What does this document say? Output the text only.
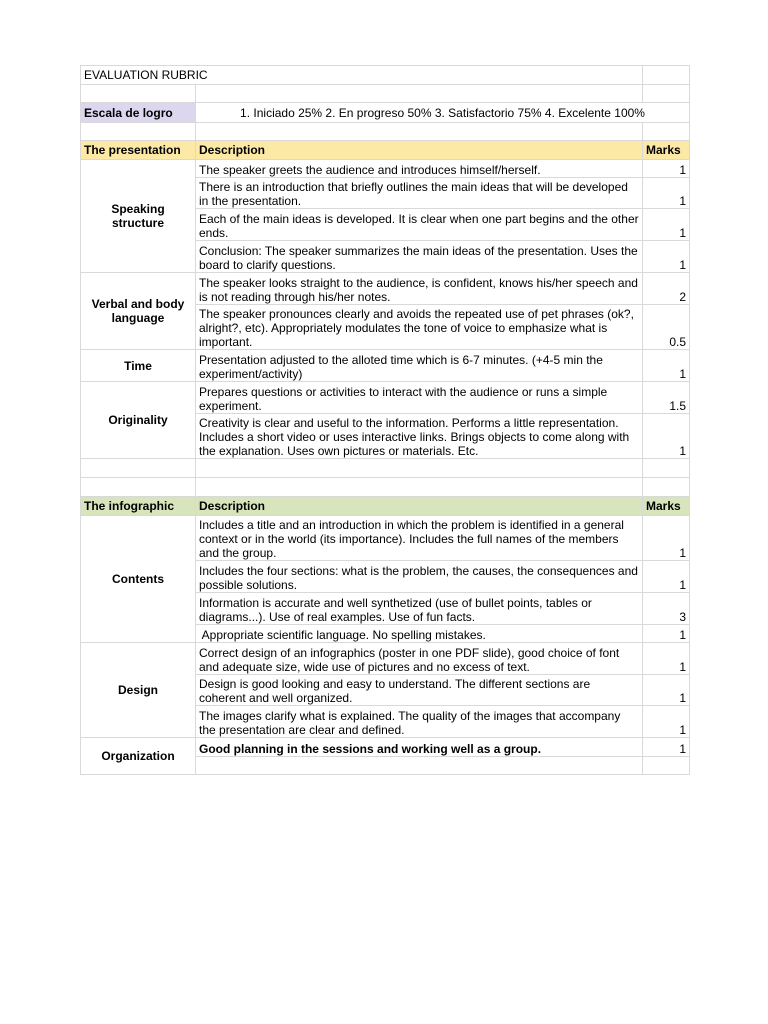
EVALUATION RUBRIC		

Escala de logro	1. Iniciado 25% 2. En progreso 50% 3. Satisfactorio 75% 4. Excelente 100%	

The presentation	Description	Marks
Speaking structure	The speaker greets the audience and introduces himself/herself.	1
	There is an introduction that briefly outlines the main ideas that will be developed in the presentation.	1
	Each of the main ideas is developed. It is clear when one part begins and the other ends.	1
	Conclusion: The speaker summarizes the main ideas of the presentation. Uses the board to clarify questions.	1
Verbal and body language	The speaker looks straight to the audience, is confident, knows his/her speech and is not reading through his/her notes.	2
	The speaker pronounces clearly and avoids the repeated use of pet phrases (ok?, alright?, etc). Appropriately modulates the tone of voice to emphasize what is important.	0.5
Time	Presentation adjusted to the alloted time which is 6-7 minutes. (+4-5 min the experiment/activity)	1
Originality	Prepares questions or activities to interact with the audience or runs a simple experiment.	1.5
	Creativity is clear and useful to the information. Performs a little representation. Includes a short video or uses interactive links. Brings objects to come along with the explanation. Uses own pictures or materials. Etc.	1

The infographic	Description	Marks
Contents	Includes a title and an introduction in which the problem is identified in a general context or in the world (its importance). Includes the full names of the members and the group.	1
	Includes the four sections: what is the problem, the causes, the consequences and possible solutions.	1
	Information is accurate and well synthetized (use of bullet points, tables or diagrams...). Use of real examples. Use of fun facts.	3
	Appropriate scientific language. No spelling mistakes.	1
Design	Correct design of an infographics (poster in one PDF slide), good choice of font and adequate size, wide use of pictures and no excess of text.	1
	Design is good looking and easy to understand. The different sections are coherent and well organized.	1
	The images clarify what is explained. The quality of the images that accompany the presentation are clear and defined.	1
Organization	Good planning in the sessions and working well as a group.	1
